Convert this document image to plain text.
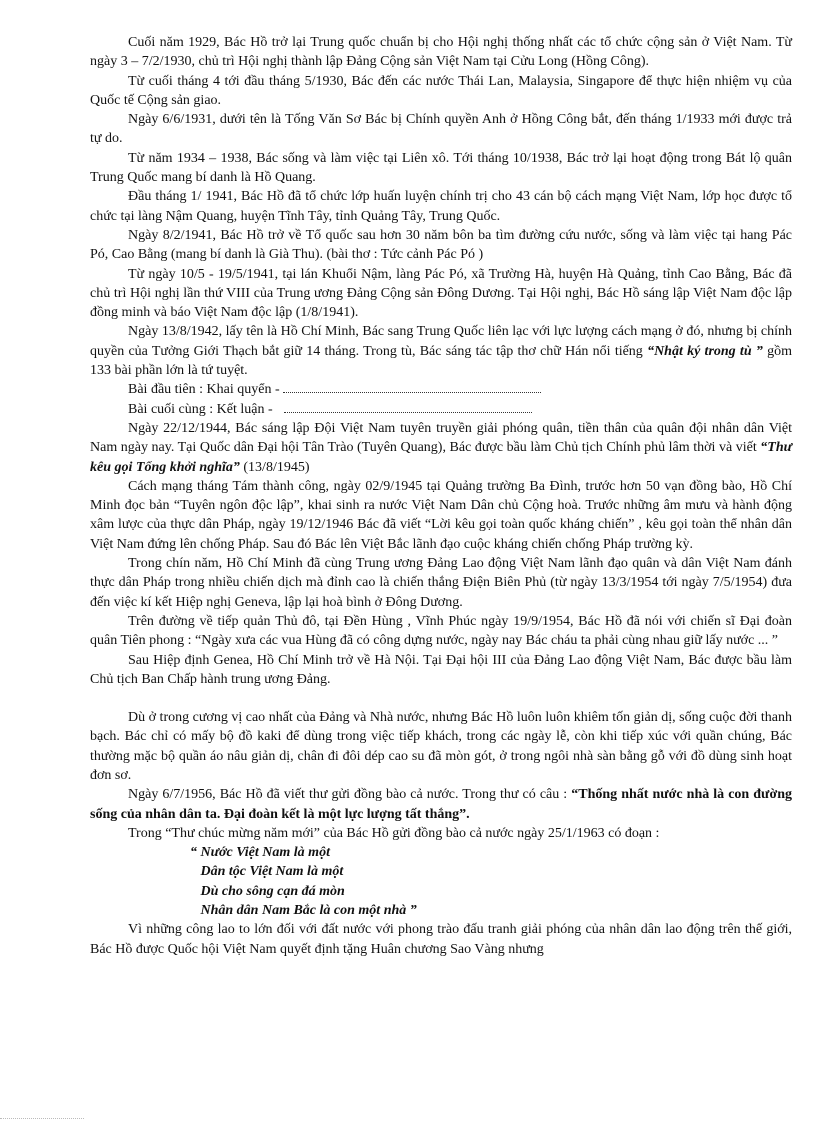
Cuối năm 1929, Bác Hồ trở lại Trung quốc chuẩn bị cho Hội nghị thống nhất các tổ chức cộng sản ở Việt Nam. Từ ngày 3 – 7/2/1930, chủ trì Hội nghị thành lập Đảng Cộng sản Việt Nam tại Cửu Long (Hồng Công).

Từ cuối tháng 4 tới đầu tháng 5/1930, Bác đến các nước Thái Lan, Malaysia, Singapore để thực hiện nhiệm vụ của Quốc tế Cộng sản giao.

Ngày 6/6/1931, dưới tên là Tống Văn Sơ Bác bị Chính quyền Anh ở Hồng Công bắt, đến tháng 1/1933 mới được trả tự do.

Từ năm 1934 – 1938, Bác sống và làm việc tại Liên xô. Tới tháng 10/1938, Bác trở lại hoạt động trong Bát lộ quân Trung Quốc mang bí danh là Hồ Quang.

Đầu tháng 1/ 1941, Bác Hồ đã tổ chức lớp huấn luyện chính trị cho 43 cán bộ cách mạng Việt Nam, lớp học được tổ chức tại làng Nậm Quang, huyện Tĩnh Tây, tỉnh Quảng Tây, Trung Quốc.

Ngày 8/2/1941, Bác Hồ trở về Tổ quốc sau hơn 30 năm bôn ba tìm đường cứu nước, sống và làm việc tại hang Pác Pó, Cao Bằng (mang bí danh là Già Thu). (bài thơ : Tức cảnh Pác Pó )

Từ ngày 10/5 - 19/5/1941, tại lán Khuổi Nậm, làng Pác Pó, xã Trường Hà, huyện Hà Quảng, tỉnh Cao Bằng, Bác đã chủ trì Hội nghị lần thứ VIII của Trung ương Đảng Cộng sản Đông Dương. Tại Hội nghị, Bác Hồ sáng lập Việt Nam độc lập đồng minh và báo Việt Nam độc lập (1/8/1941).

Ngày 13/8/1942, lấy tên là Hồ Chí Minh, Bác sang Trung Quốc liên lạc với lực lượng cách mạng ở đó, nhưng bị chính quyền của Tưởng Giới Thạch bắt giữ 14 tháng. Trong tù, Bác sáng tác tập thơ chữ Hán nổi tiếng “Nhật ký trong tù ” gồm 133 bài phần lớn là tứ tuyệt.

Bài đầu tiên : Khai quyển -

Bài cuối cùng : Kết luận -

Ngày 22/12/1944, Bác sáng lập Đội Việt Nam tuyên truyền giải phóng quân, tiền thân của quân đội nhân dân Việt Nam ngày nay. Tại Quốc dân Đại hội Tân Trào (Tuyên Quang), Bác được bầu làm Chủ tịch Chính phủ lâm thời và viết “Thư kêu gọi Tổng khởi nghĩa” (13/8/1945)

Cách mạng tháng Tám thành công, ngày 02/9/1945 tại Quảng trường Ba Đình, trước hơn 50 vạn đồng bào, Hồ Chí Minh đọc bản “Tuyên ngôn độc lập”, khai sinh ra nước Việt Nam Dân chủ Cộng hoà. Trước những âm mưu và hành động xâm lược của thực dân Pháp, ngày 19/12/1946 Bác đã viết “Lời kêu gọi toàn quốc kháng chiến” , kêu gọi toàn thể nhân dân Việt Nam đứng lên chống Pháp. Sau đó Bác lên Việt Bắc lãnh đạo cuộc kháng chiến chống Pháp trường kỳ.

Trong chín năm, Hồ Chí Minh đã cùng Trung ương Đảng Lao động Việt Nam lãnh đạo quân và dân Việt Nam đánh thực dân Pháp trong nhiều chiến dịch mà đỉnh cao là chiến thắng Điện Biên Phủ (từ ngày 13/3/1954 tới ngày 7/5/1954) đưa đến việc kí kết Hiệp nghị Geneva, lập lại hoà bình ở Đông Dương.

Trên đường về tiếp quản Thủ đô, tại Đền Hùng , Vĩnh Phúc ngày 19/9/1954, Bác Hồ đã nói với chiến sĩ Đại đoàn quân Tiên phong : “Ngày xưa các vua Hùng đã có công dựng nước, ngày nay Bác cháu ta phải cùng nhau giữ lấy nước ... ”

Sau Hiệp định Genea, Hồ Chí Minh trở về Hà Nội. Tại Đại hội III của Đảng Lao động Việt Nam, Bác được bầu làm Chủ tịch Ban Chấp hành trung ương Đảng.

Dù ở trong cương vị cao nhất của Đảng và Nhà nước, nhưng Bác Hồ luôn luôn khiêm tốn giản dị, sống cuộc đời thanh bạch. Bác chỉ có mấy bộ đồ kaki để dùng trong việc tiếp khách, trong các ngày lễ, còn khi tiếp xúc với quần chúng, Bác thường mặc bộ quần áo nâu giản dị, chân đi đôi dép cao su đã mòn gót, ở trong ngôi nhà sàn bằng gỗ với đồ dùng sinh hoạt đơn sơ.

Ngày 6/7/1956, Bác Hồ đã viết thư gửi đồng bào cả nước. Trong thư có câu : “Thống nhất nước nhà là con đường sống của nhân dân ta. Đại đoàn kết là một lực lượng tất thắng”.

Trong “Thư chúc mừng năm mới” của Bác Hồ gửi đồng bào cả nước ngày 25/1/1963 có đoạn :

“ Nước Việt Nam là một
Dân tộc Việt Nam là một
Dù cho sông cạn đá mòn
Nhân dân Nam Bắc là con một nhà ”

Vì những công lao to lớn đối với đất nước với phong trào đấu tranh giải phóng của nhân dân lao động trên thế giới, Bác Hồ được Quốc hội Việt Nam quyết định tặng Huân chương Sao Vàng nhưng
